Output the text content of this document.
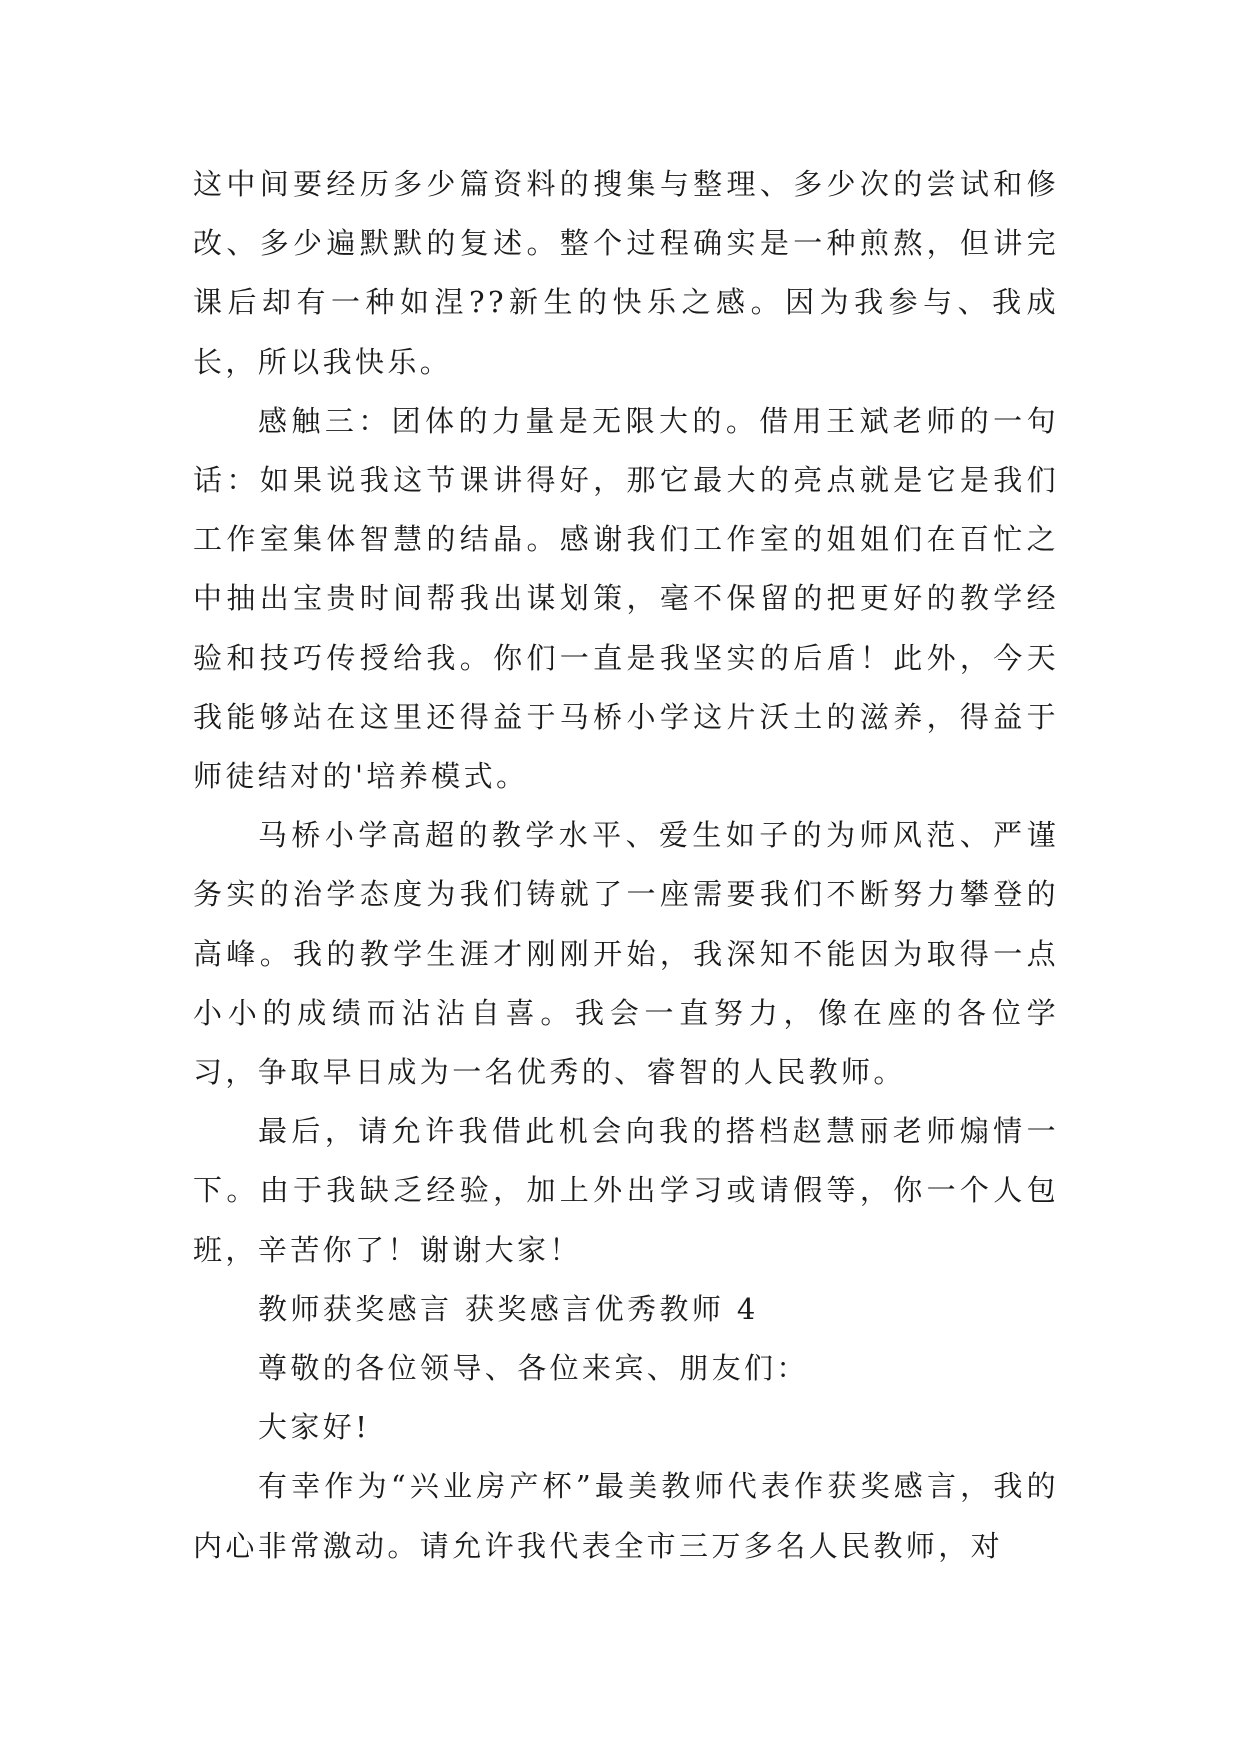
这中间要经历多少篇资料的搜集与整理、多少次的尝试和修改、多少遍默默的复述。整个过程确实是一种煎熬，但讲完课后却有一种如涅??新生的快乐之感。因为我参与、我成长，所以我快乐。

感触三：团体的力量是无限大的。借用王斌老师的一句话：如果说我这节课讲得好，那它最大的亮点就是它是我们工作室集体智慧的结晶。感谢我们工作室的姐姐们在百忙之中抽出宝贵时间帮我出谋划策，毫不保留的把更好的教学经验和技巧传授给我。你们一直是我坚实的后盾！此外，今天我能够站在这里还得益于马桥小学这片沃土的滋养，得益于师徒结对的'培养模式。

马桥小学高超的教学水平、爱生如子的为师风范、严谨务实的治学态度为我们铸就了一座需要我们不断努力攀登的高峰。我的教学生涯才刚刚开始，我深知不能因为取得一点小小的成绩而沾沾自喜。我会一直努力，像在座的各位学习，争取早日成为一名优秀的、睿智的人民教师。

最后，请允许我借此机会向我的搭档赵慧丽老师煽情一下。由于我缺乏经验，加上外出学习或请假等，你一个人包班，辛苦你了！谢谢大家！

教师获奖感言 获奖感言优秀教师 4

尊敬的各位领导、各位来宾、朋友们：

大家好!

有幸作为“兴业房产杯”最美教师代表作获奖感言，我的内心非常激动。请允许我代表全市三万多名人民教师，对
